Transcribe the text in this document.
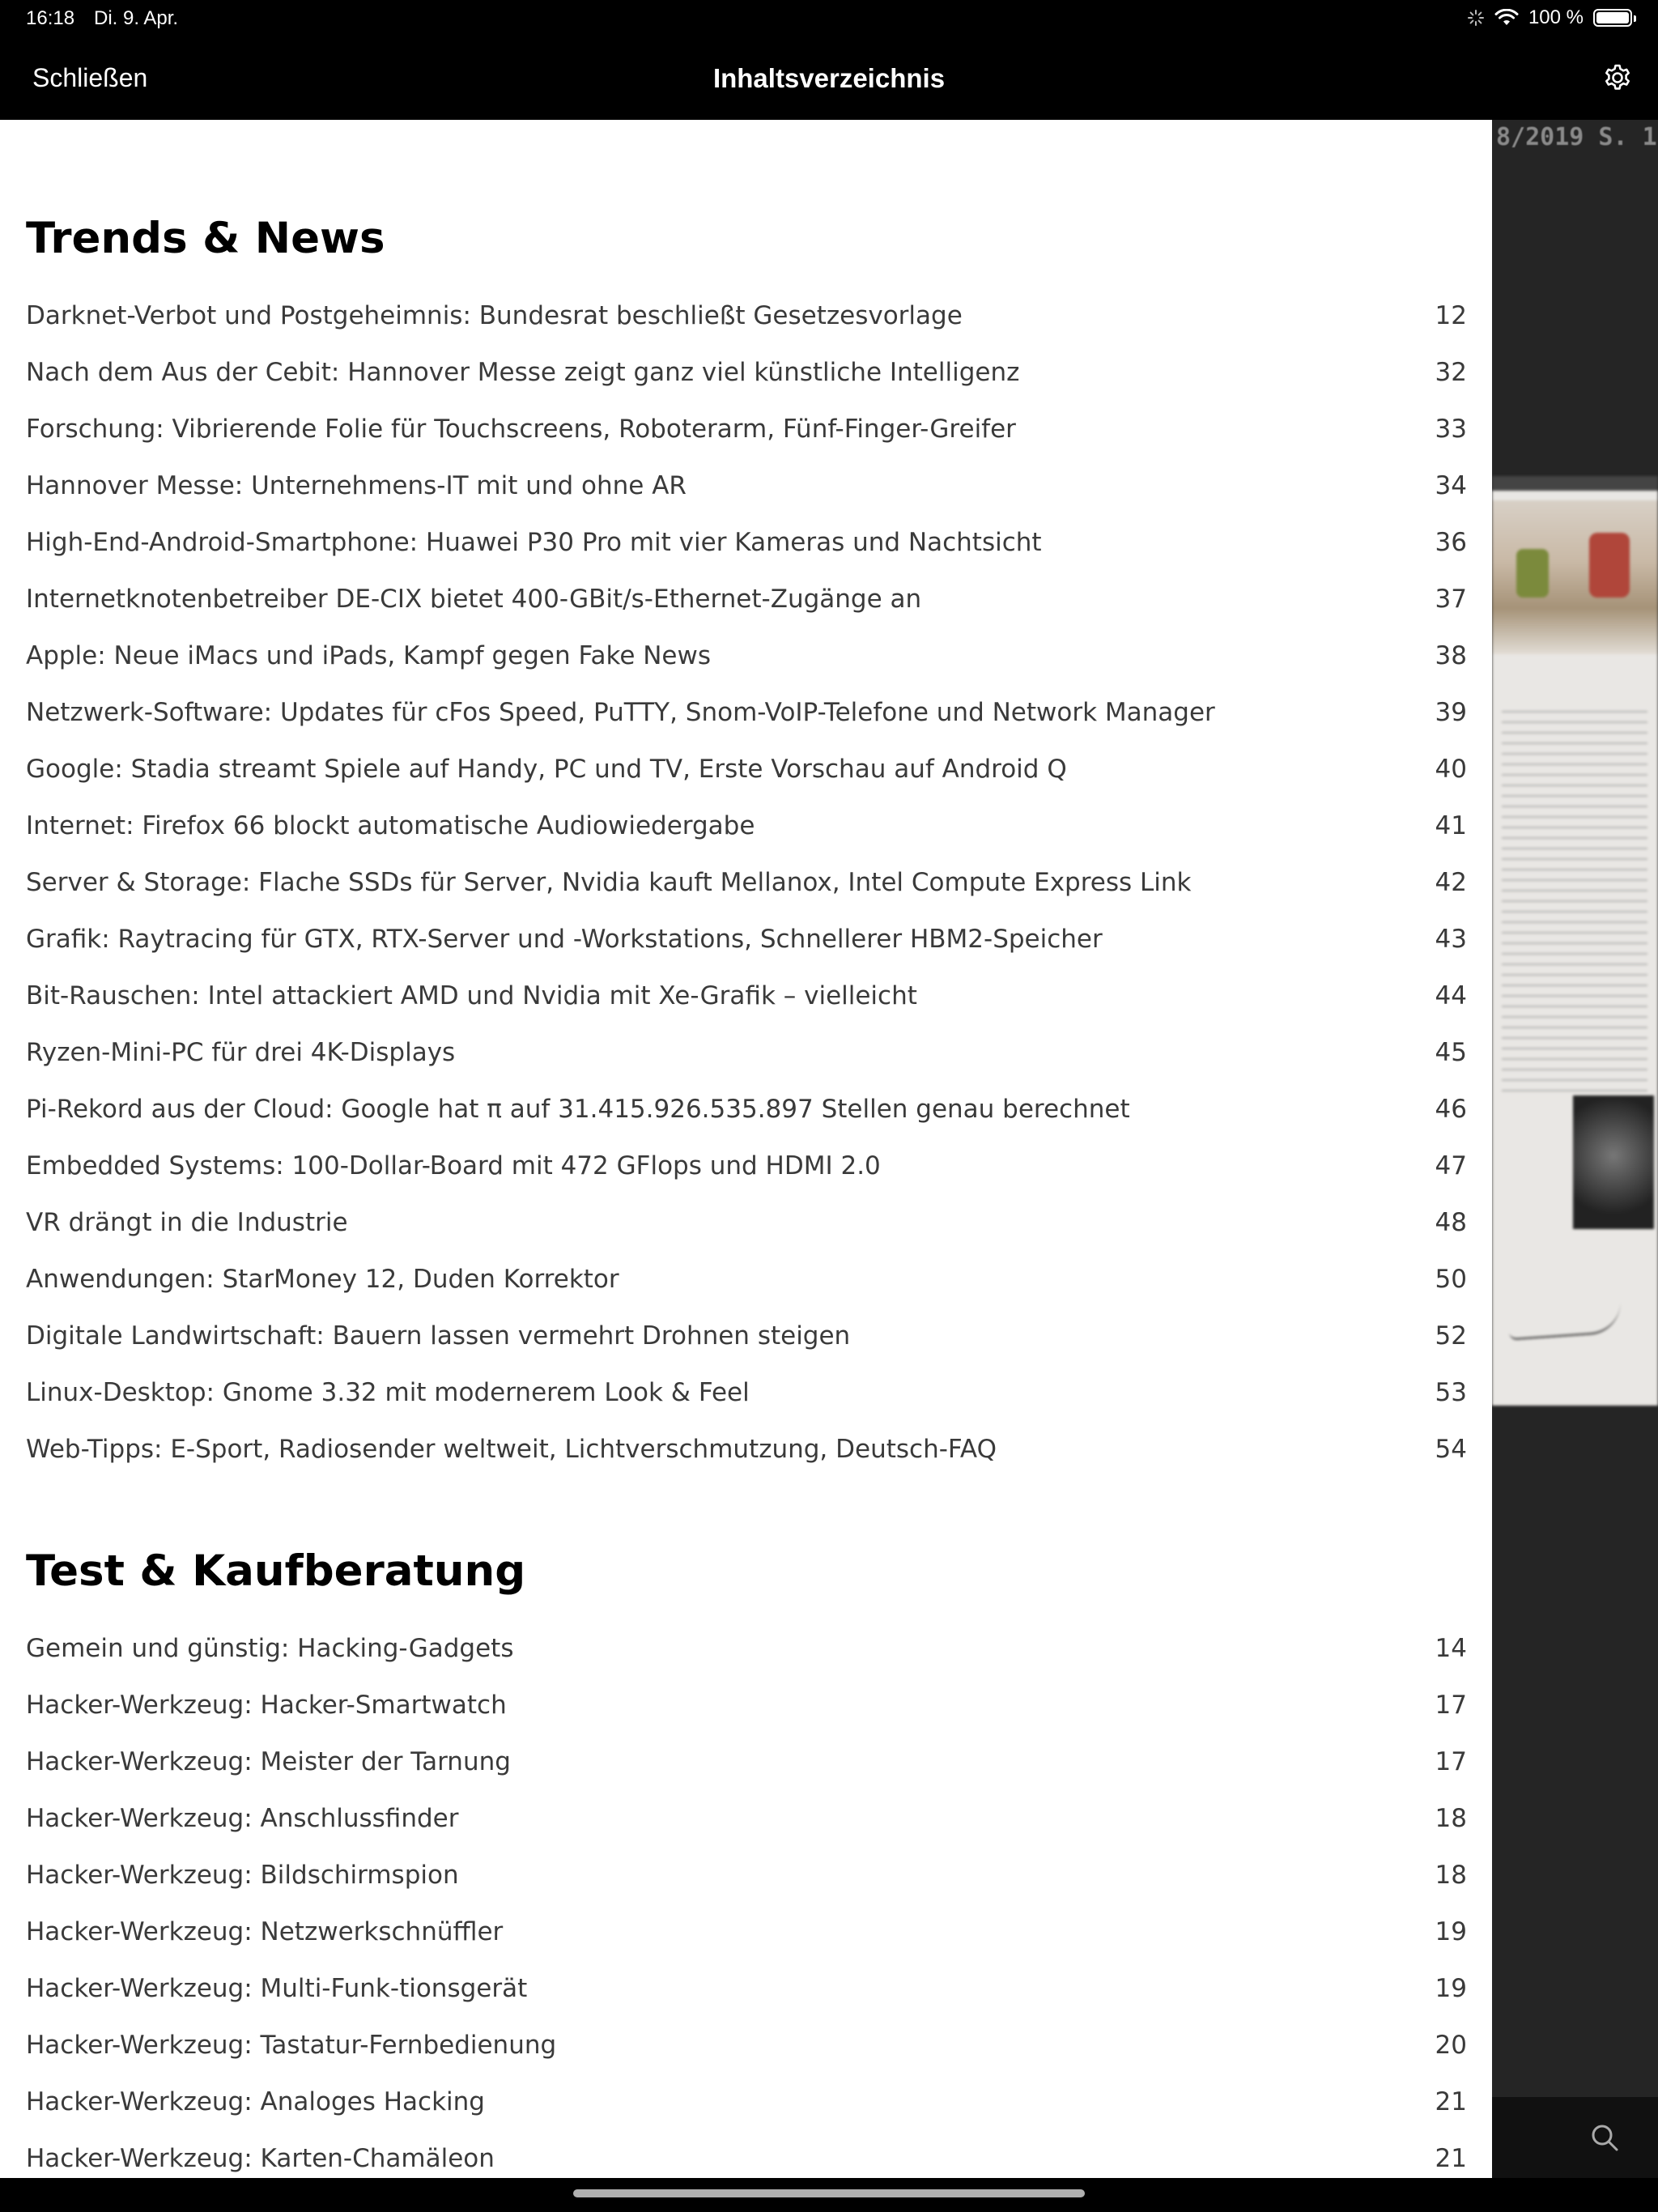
16:18 Di. 9. Apr.	100 %
Schließen	Inhaltsverzeichnis
8/2019 S. 1
Trends & News
Darknet-Verbot und Postgeheimnis: Bundesrat beschließt Gesetzesvorlage	12
Nach dem Aus der Cebit: Hannover Messe zeigt ganz viel künstliche Intelligenz	32
Forschung: Vibrierende Folie für Touchscreens, Roboterarm, Fünf-Finger-Greifer	33
Hannover Messe: Unternehmens-IT mit und ohne AR	34
High-End-Android-Smartphone: Huawei P30 Pro mit vier Kameras und Nachtsicht	36
Internetknotenbetreiber DE-CIX bietet 400-GBit/s-Ethernet-Zugänge an	37
Apple: Neue iMacs und iPads, Kampf gegen Fake News	38
Netzwerk-Software: Updates für cFos Speed, PuTTY, Snom-VoIP-Telefone und Network Manager	39
Google: Stadia streamt Spiele auf Handy, PC und TV, Erste Vorschau auf Android Q	40
Internet: Firefox 66 blockt automatische Audiowiedergabe	41
Server & Storage: Flache SSDs für Server, Nvidia kauft Mellanox, Intel Compute Express Link	42
Grafik: Raytracing für GTX, RTX-Server und -Workstations, Schnellerer HBM2-Speicher	43
Bit-Rauschen: Intel attackiert AMD und Nvidia mit Xe-Grafik – vielleicht	44
Ryzen-Mini-PC für drei 4K-Displays	45
Pi-Rekord aus der Cloud: Google hat π auf 31.415.926.535.897 Stellen genau berechnet	46
Embedded Systems: 100-Dollar-Board mit 472 GFlops und HDMI 2.0	47
VR drängt in die Industrie	48
Anwendungen: StarMoney 12, Duden Korrektor	50
Digitale Landwirtschaft: Bauern lassen vermehrt Drohnen steigen	52
Linux-Desktop: Gnome 3.32 mit modernerem Look & Feel	53
Web-Tipps: E-Sport, Radiosender weltweit, Lichtverschmutzung, Deutsch-FAQ	54
Test & Kaufberatung
Gemein und günstig: Hacking-Gadgets	14
Hacker-Werkzeug: Hacker-Smartwatch	17
Hacker-Werkzeug: Meister der Tarnung	17
Hacker-Werkzeug: Anschlussfinder	18
Hacker-Werkzeug: Bildschirmspion	18
Hacker-Werkzeug: Netzwerkschnüffler	19
Hacker-Werkzeug: Multi-Funk-tionsgerät	19
Hacker-Werkzeug: Tastatur-Fernbedienung	20
Hacker-Werkzeug: Analoges Hacking	21
Hacker-Werkzeug: Karten-Chamäleon	21
